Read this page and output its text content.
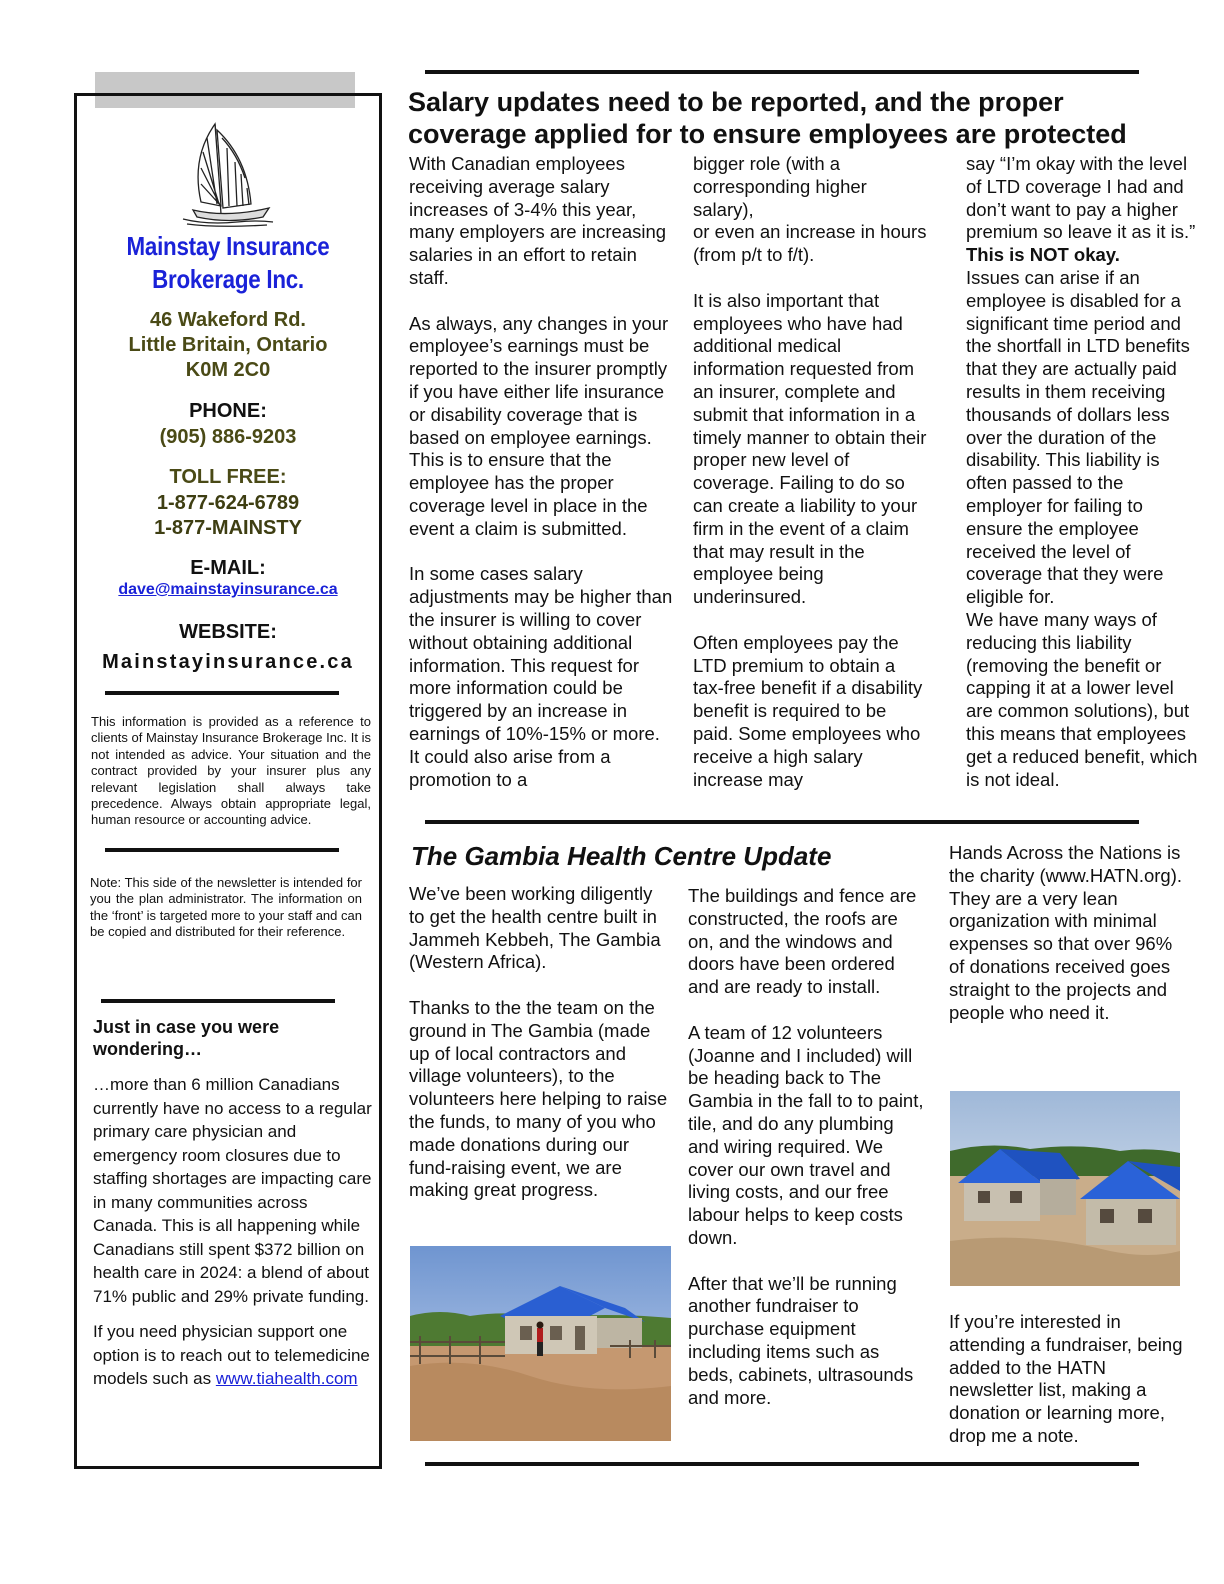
Mainstay Insurance
Brokerage Inc.
46 Wakeford Rd.
Little Britain, Ontario
K0M 2C0
PHONE:
(905) 886-9203
TOLL FREE:
1-877-624-6789
1-877-MAINSTY
E-MAIL:
dave@mainstayinsurance.ca
WEBSITE:
Mainstayinsurance.ca
This information is provided as a reference to clients of Mainstay Insurance Brokerage Inc. It is not intended as advice. Your situation and the contract provided by your insurer plus any relevant legislation shall always take precedence. Always obtain appropriate legal, human resource or accounting advice.
Note: This side of the newsletter is intended for you the plan administrator. The information on the ‘front’ is targeted more to your staff and can be copied and distributed for their reference.
Just in case you were wondering…

…more than 6 million Canadians currently have no access to a regular primary care physician and emergency room closures due to staffing shortages are impacting care in many communities across Canada. This is all happening while Canadians still spent $372 billion on health care in 2024: a blend of about 71% public and 29% private funding.

If you need physician support one option is to reach out to telemedicine models such as www.tiahealth.com

Salary updates need to be reported, and the proper
coverage applied for to ensure employees are protected

With Canadian employees receiving average salary increases of 3-4% this year, many employers are increasing salaries in an effort to retain staff.

As always, any changes in your employee’s earnings must be reported to the insurer promptly if you have either life insurance or disability coverage that is based on employee earnings. This is to ensure that the employee has the proper coverage level in place in the event a claim is submitted.

In some cases salary adjustments may be higher than the insurer is willing to cover without obtaining additional information. This request for more information could be triggered by an increase in earnings of 10%-15% or more. It could also arise from a promotion to a

bigger role (with a corresponding higher salary),

or even an increase in hours (from p/t to f/t).

It is also important that employees who have had additional medical information requested from an insurer, complete and submit that information in a timely manner to obtain their proper new level of coverage. Failing to do so can create a liability to your firm in the event of a claim that may result in the employee being underinsured.

Often employees pay the LTD premium to obtain a tax-free benefit if a disability benefit is required to be paid. Some employees who receive a high salary increase may

say “I’m okay with the level of LTD coverage I had and don’t want to pay a higher premium so leave it as it is.”

This is NOT okay.

Issues can arise if an employee is disabled for a significant time period and the shortfall in LTD benefits that they are actually paid results in them receiving thousands of dollars less over the duration of the disability. This liability is often passed to the employer for failing to ensure the employee received the level of coverage that they were eligible for.

We have many ways of reducing this liability (removing the benefit or capping it at a lower level are common solutions), but this means that employees get a reduced benefit, which is not ideal.

The Gambia Health Centre Update

We’ve been working diligently to get the health centre built in Jammeh Kebbeh, The Gambia (Western Africa).

Thanks to the the team on the ground in The Gambia (made up of local contractors and village volunteers), to the volunteers here helping to raise the funds, to many of you who made donations during our fund-raising event, we are making great progress.

The buildings and fence are constructed, the roofs are on, and the windows and doors have been ordered and are ready to install.

A team of 12 volunteers (Joanne and I included) will be heading back to The Gambia in the fall to to paint, tile, and do any plumbing and wiring required. We cover our own travel and living costs, and our free labour helps to keep costs down.

After that we’ll be running another fundraiser to purchase equipment including items such as beds, cabinets, ultrasounds and more.

Hands Across the Nations is the charity (www.HATN.org). They are a very lean organization with minimal expenses so that over 96% of donations received goes straight to the projects and people who need it.

If you’re interested in attending a fundraiser, being added to the HATN newsletter list, making a donation or learning more, drop me a note.
